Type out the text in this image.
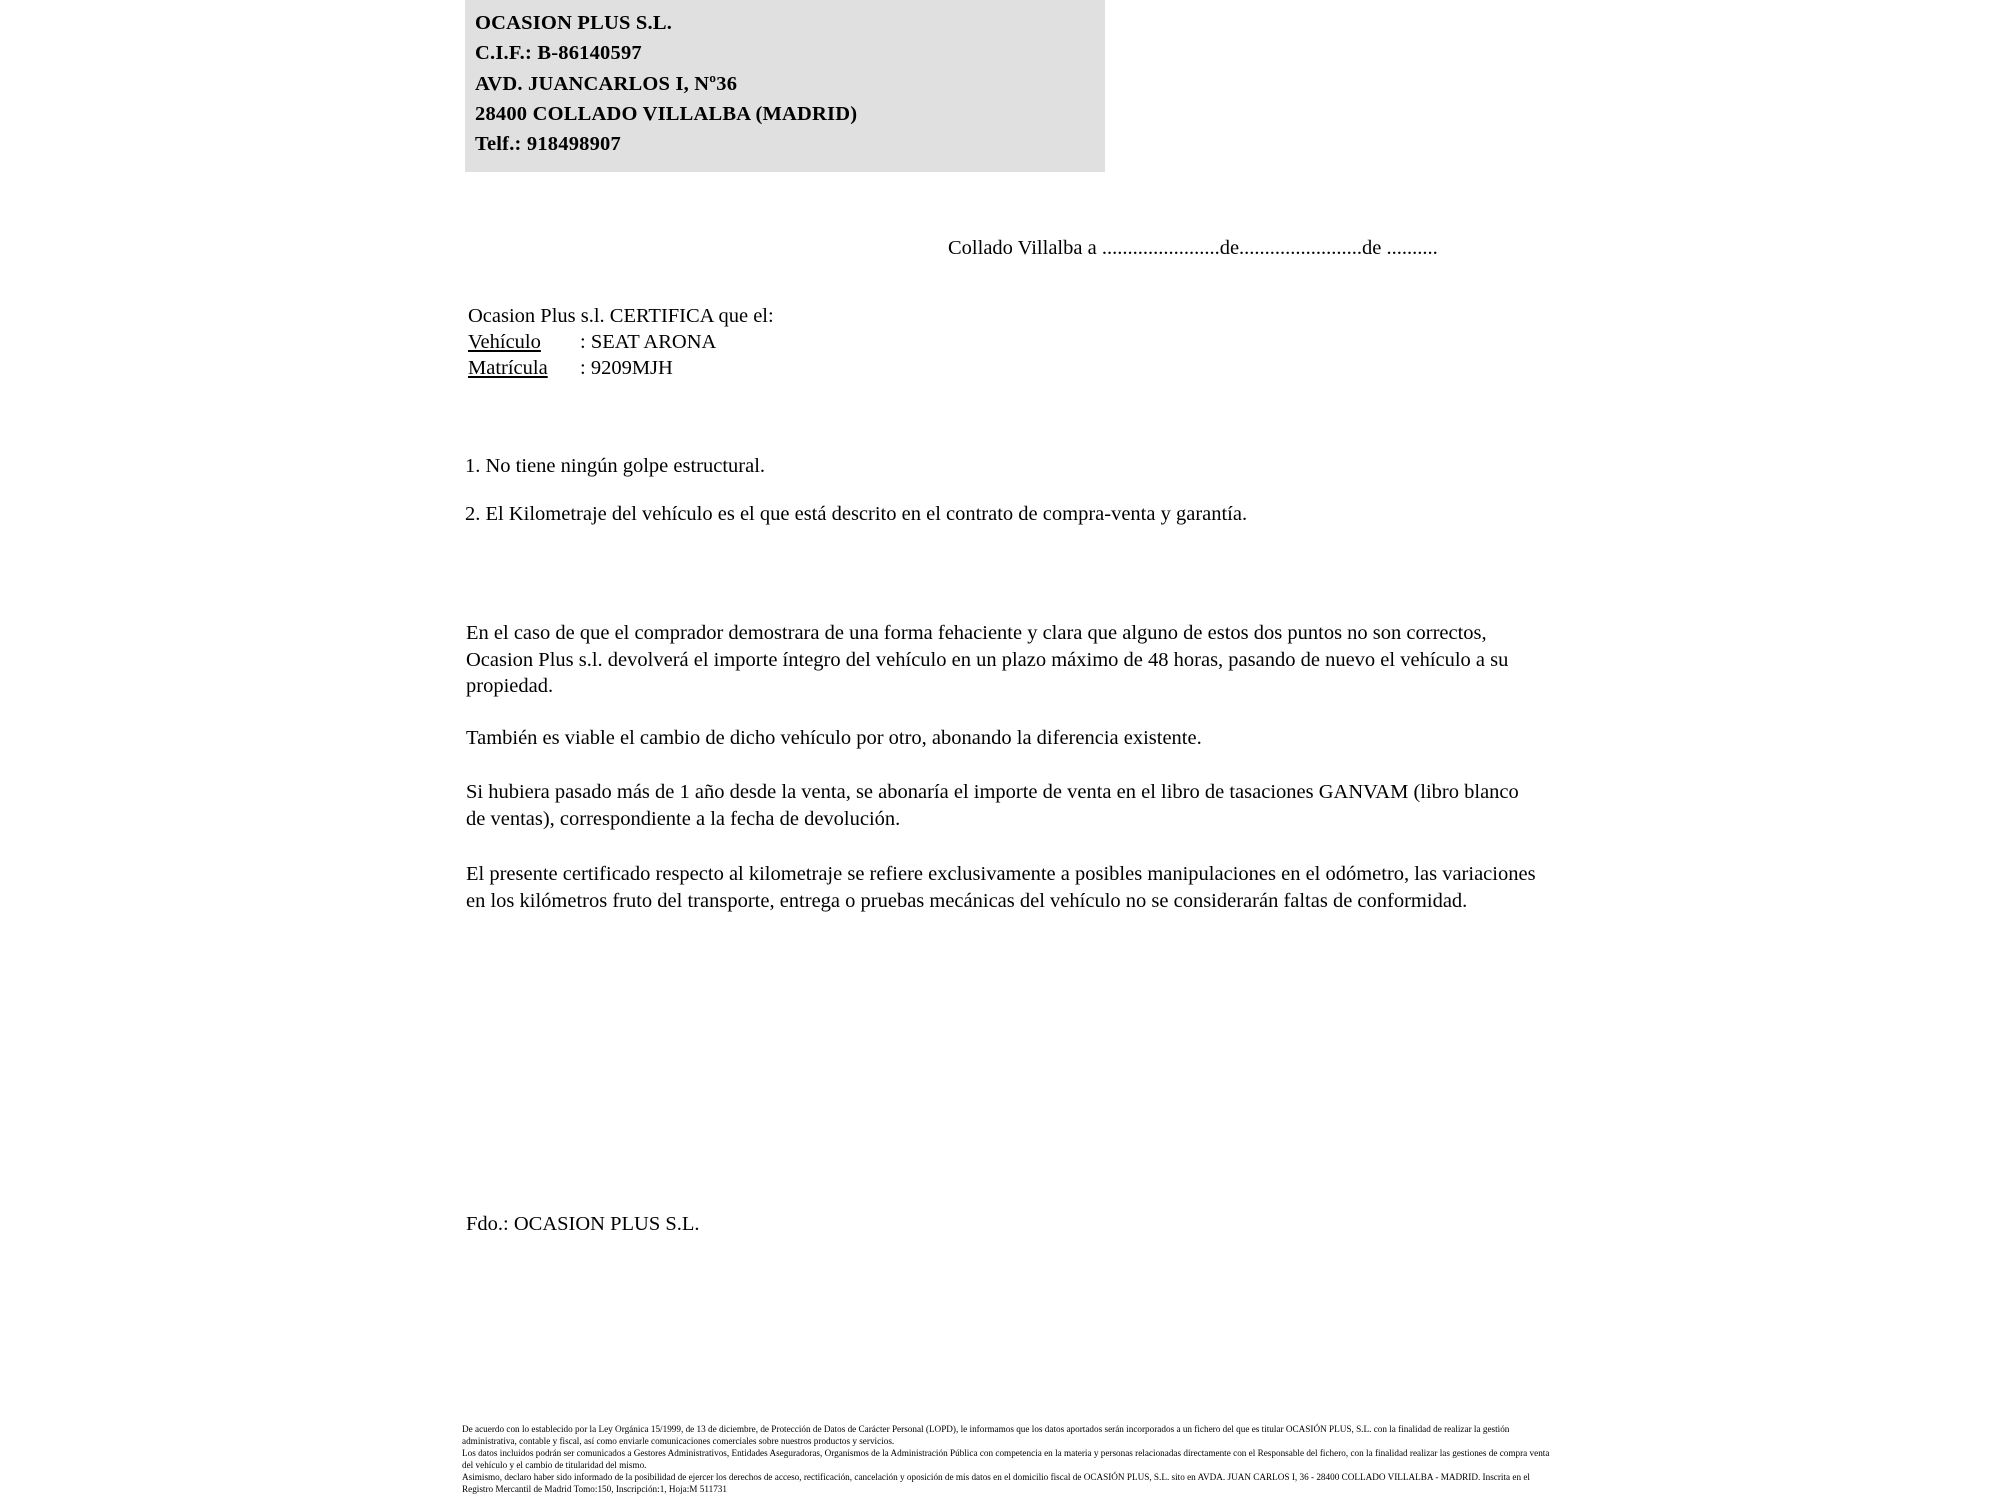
OCASION PLUS S.L.
C.I.F.: B-86140597
AVD. JUANCARLOS I, Nº36
28400 COLLADO VILLALBA (MADRID)
Telf.: 918498907
Collado Villalba a .......................de........................de ..........
Ocasion Plus s.l. CERTIFICA que el:
Vehículo : SEAT ARONA
Matrícula : 9209MJH
1. No tiene ningún golpe estructural.
2. El Kilometraje del vehículo es el que está descrito en el contrato de compra-venta y garantía.
En el caso de que el comprador demostrara de una forma fehaciente y clara que alguno de estos dos puntos no son correctos, Ocasion Plus s.l. devolverá el importe íntegro del vehículo en un plazo máximo de 48 horas, pasando de nuevo el vehículo a su propiedad.
También es viable el cambio de dicho vehículo por otro, abonando la diferencia existente.
Si hubiera pasado más de 1 año desde la venta, se abonaría el importe de venta en el libro de tasaciones GANVAM (libro blanco de ventas), correspondiente a la fecha de devolución.
El presente certificado respecto al kilometraje se refiere exclusivamente a posibles manipulaciones en el odómetro, las variaciones en los kilómetros fruto del transporte, entrega o pruebas mecánicas del vehículo no se considerarán faltas de conformidad.
Fdo.: OCASION PLUS S.L.
De acuerdo con lo establecido por la Ley Orgánica 15/1999, de 13 de diciembre, de Protección de Datos de Carácter Personal (LOPD), le informamos que los datos aportados serán incorporados a un fichero del que es titular OCASIÓN PLUS, S.L. con la finalidad de realizar la gestión administrativa, contable y fiscal, así como enviarle comunicaciones comerciales sobre nuestros productos y servicios.
Los datos incluidos podrán ser comunicados a Gestores Administrativos, Entidades Aseguradoras, Organismos de la Administración Pública con competencia en la materia y personas relacionadas directamente con el Responsable del fichero, con la finalidad realizar las gestiones de compra venta del vehículo y el cambio de titularidad del mismo.
Asimismo, declaro haber sido informado de la posibilidad de ejercer los derechos de acceso, rectificación, cancelación y oposición de mis datos en el domicilio fiscal de OCASIÓN PLUS, S.L. sito en AVDA. JUAN CARLOS I, 36 - 28400 COLLADO VILLALBA - MADRID. Inscrita en el Registro Mercantil de Madrid Tomo:150, Inscripción:1, Hoja:M 511731
